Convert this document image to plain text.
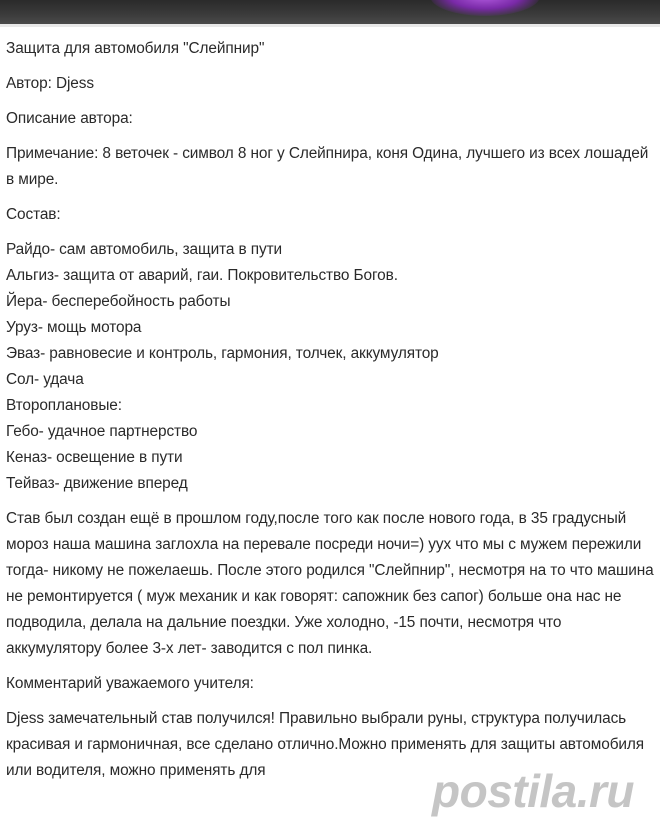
Защита для автомобиля "Слейпнир"

Автор: Djess

Описание автора:

Примечание: 8 веточек - символ 8 ног у Слейпнира, коня Одина, лучшего из всех лошадей в мире.

Состав:

Райдо- сам автомобиль, защита в пути

Альгиз- защита от аварий, гаи. Покровительство Богов.

Йера- бесперебойность работы

Уруз- мощь мотора

Эваз- равновесие и контроль, гармония, толчек, аккумулятор

Сол- удача

Второплановые:

Гебо- удачное партнерство

Кеназ- освещение в пути

Тейваз- движение вперед

Став был создан ещё в прошлом году,после того как после нового года, в 35 градусный мороз наша машина заглохла на перевале посреди ночи=) уух что мы с мужем пережили тогда- никому не пожелаешь. После этого родился "Слейпнир", несмотря на то что машина не ремонтируется ( муж механик и как говорят: сапожник без сапог) больше она нас не подводила, делала на дальние поездки. Уже холодно, -15 почти, несмотря что аккумулятору более 3-х лет- заводится с пол пинка.

Комментарий уважаемого учителя:

Djess замечательный став получился! Правильно выбрали руны, структура получилась красивая и гармоничная, все сделано отлично.Можно применять для защиты автомобиля или водителя, можно применять для	postila.ru
